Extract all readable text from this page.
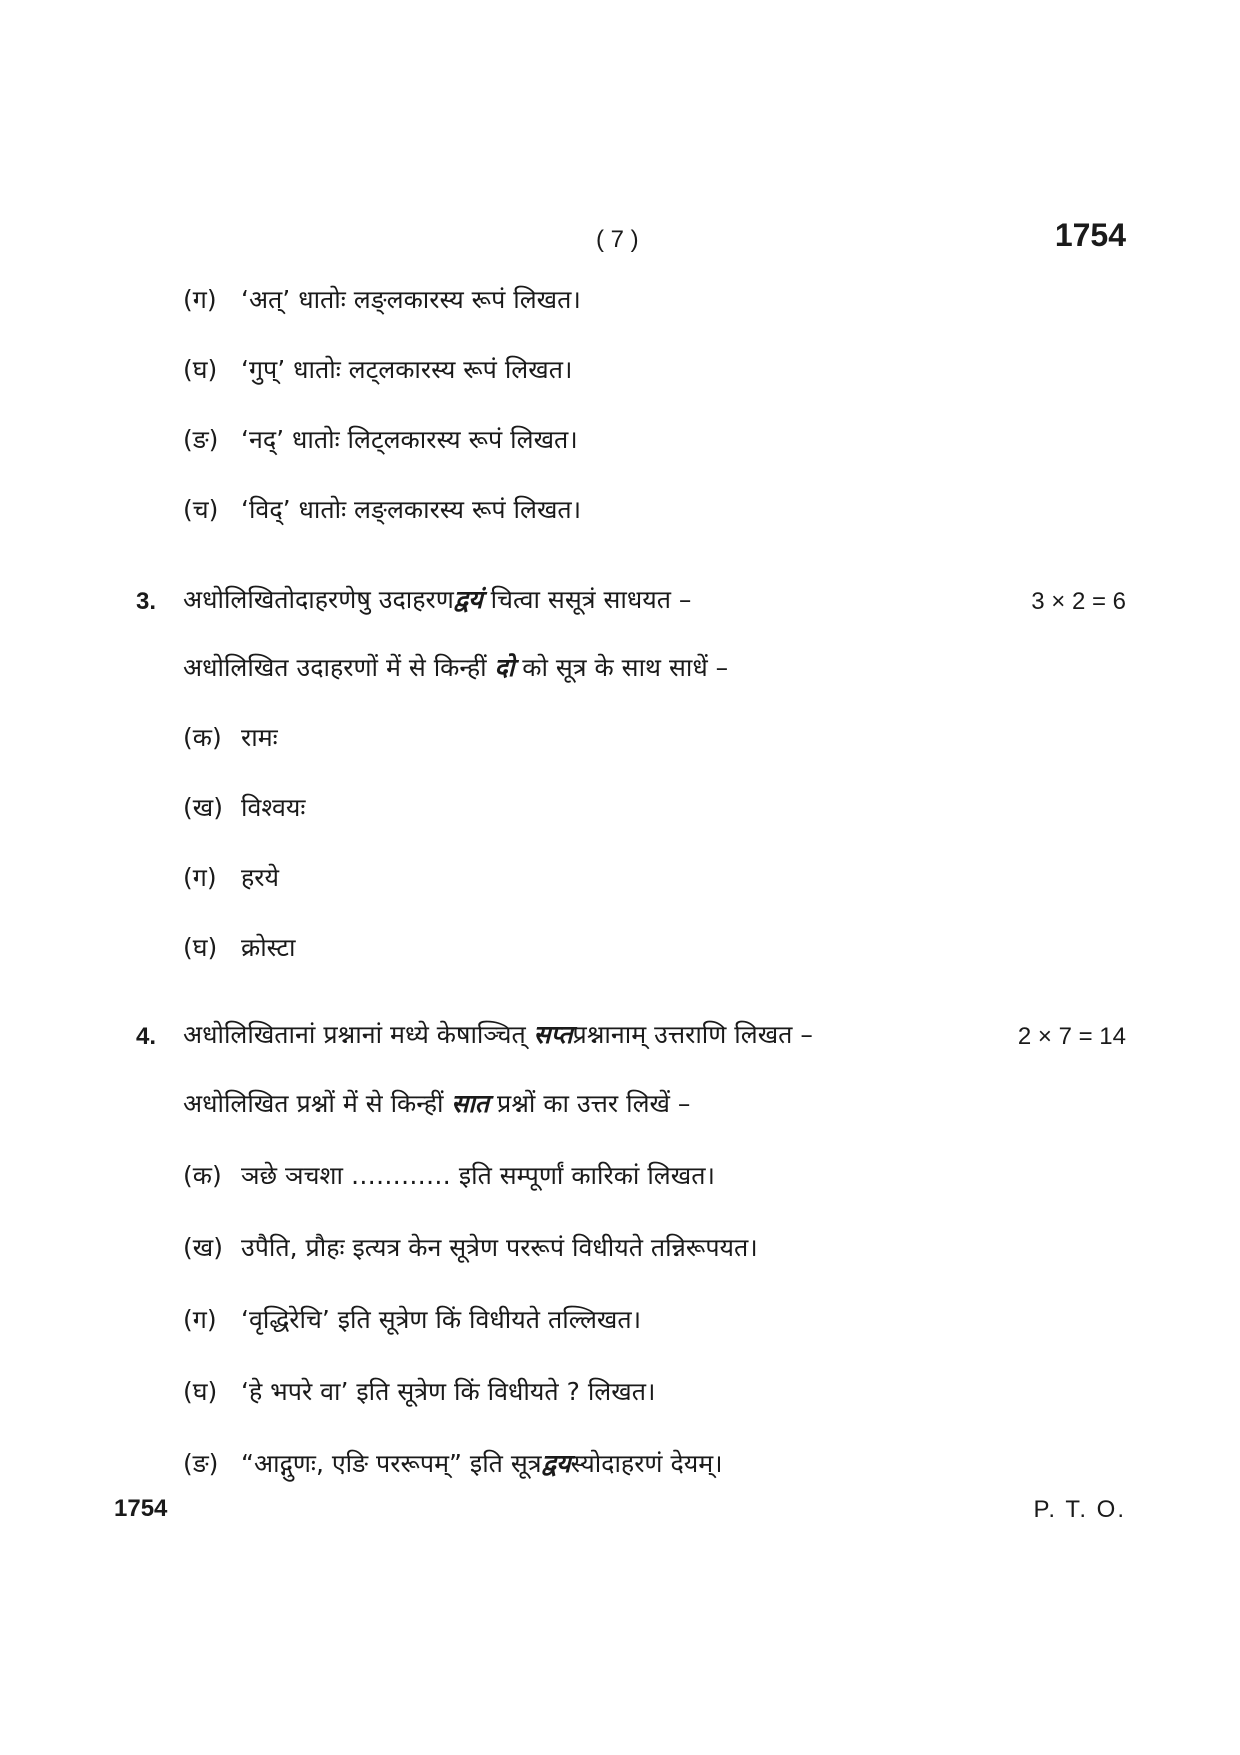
( 7 )	1754
(ग) ‘अत्’ धातोः लङ्लकारस्य रूपं लिखत।
(घ) ‘गुप्’ धातोः लट्लकारस्य रूपं लिखत।
(ङ) ‘नद्’ धातोः लिट्लकारस्य रूपं लिखत।
(च) ‘विद्’ धातोः लङ्लकारस्य रूपं लिखत।
3. अधोलिखितोदाहरणेषु उदाहरणद्वयं चित्वा ससूत्रं साधयत –	3 × 2 = 6
अधोलिखित उदाहरणों में से किन्हीं दो को सूत्र के साथ साधें –
(क) रामः
(ख) विश्वयः
(ग) हरये
(घ) क्रोस्टा
4. अधोलिखितानां प्रश्नानां मध्ये केषाञ्चित् सप्तप्रश्नानाम् उत्तराणि लिखत –	2 × 7 = 14
अधोलिखित प्रश्नों में से किन्हीं सात प्रश्नों का उत्तर लिखें –
(क) ञछे ञचशा ………… इति सम्पूर्णां कारिकां लिखत।
(ख) उपैति, प्रौहः इत्यत्र केन सूत्रेण पररूपं विधीयते तन्निरूपयत।
(ग) ‘वृद्धिरेचि’ इति सूत्रेण किं विधीयते तल्लिखत।
(घ) ‘हे भपरे वा’ इति सूत्रेण किं विधीयते ? लिखत।
(ङ) “आद्गुणः, एङि पररूपम्” इति सूत्रद्वयस्योदाहरणं देयम्।
1754	P. T. O.
